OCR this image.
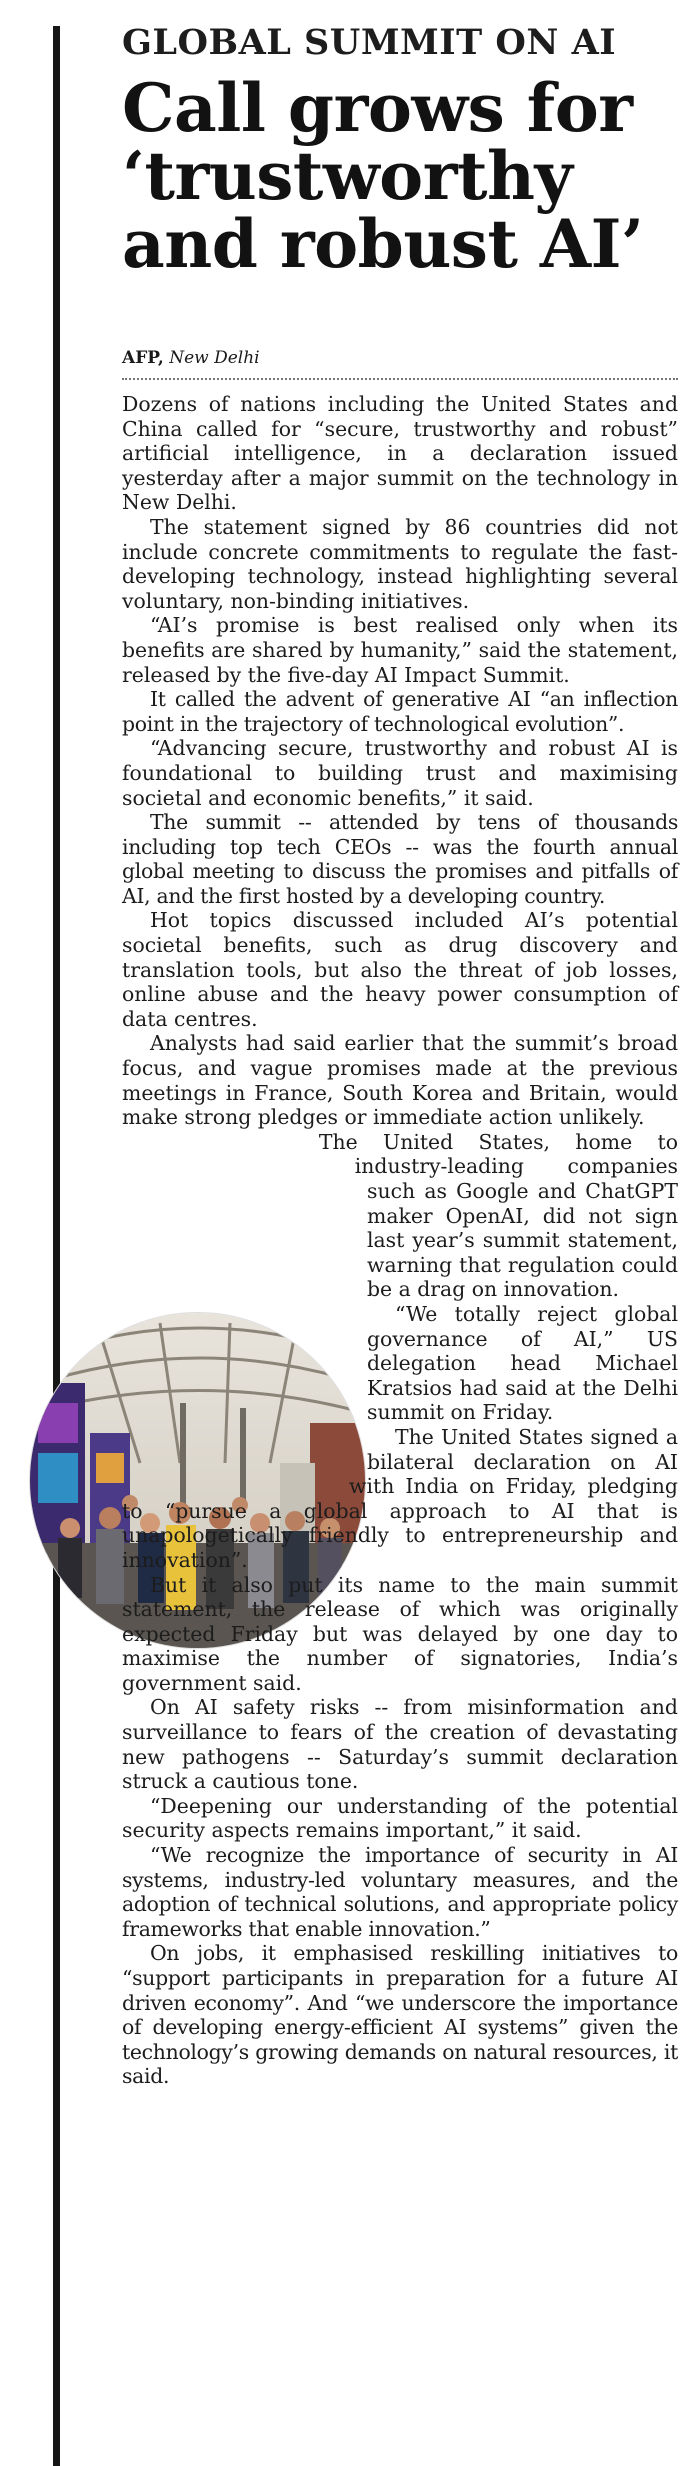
GLOBAL SUMMIT ON AI
Call grows for
‘trustworthy
and robust AI’
AFP, New Delhi

Dozens of nations including the United States and China called for “secure, trustworthy and robust” artificial intelligence, in a declaration issued yesterday after a major summit on the technology in New Delhi.

The statement signed by 86 countries did not include concrete commitments to regulate the fast-developing technology, instead highlighting several voluntary, non-binding initiatives.

“AI’s promise is best realised only when its benefits are shared by humanity,” said the statement, released by the five-day AI Impact Summit.

It called the advent of generative AI “an inflection point in the trajectory of technological evolution”.

“Advancing secure, trustworthy and robust AI is foundational to building trust and maximising societal and economic benefits,” it said.

The summit -- attended by tens of thousands including top tech CEOs -- was the fourth annual global meeting to discuss the promises and pitfalls of AI, and the first hosted by a developing country.

Hot topics discussed included AI’s potential societal benefits, such as drug discovery and translation tools, but also the threat of job losses, online abuse and the heavy power consumption of data centres.

Analysts had said earlier that the summit’s broad focus, and vague promises made at the previous meetings in France, South Korea and Britain, would make strong pledges or immediate action unlikely.

The United States, home to industry-leading companies such as Google and ChatGPT maker OpenAI, did not sign last year’s summit statement, warning that regulation could be a drag on innovation.

“We totally reject global governance of AI,” US delegation head Michael Kratsios had said at the Delhi summit on Friday.

The United States signed a bilateral declaration on AI with India on Friday, pledging to “pursue a global approach to AI that is unapologetically friendly to entrepreneurship and innovation”.

But it also put its name to the main summit statement, the release of which was originally expected Friday but was delayed by one day to maximise the number of signatories, India’s government said.

On AI safety risks -- from misinformation and surveillance to fears of the creation of devastating new pathogens -- Saturday’s summit declaration struck a cautious tone.

“Deepening our understanding of the potential security aspects remains important,” it said.

“We recognize the importance of security in AI systems, industry-led voluntary measures, and the adoption of technical solutions, and appropriate policy frameworks that enable innovation.”

On jobs, it emphasised reskilling initiatives to “support participants in preparation for a future AI driven economy”. And “we underscore the importance of developing energy-efficient AI systems” given the technology’s growing demands on natural resources, it said.
